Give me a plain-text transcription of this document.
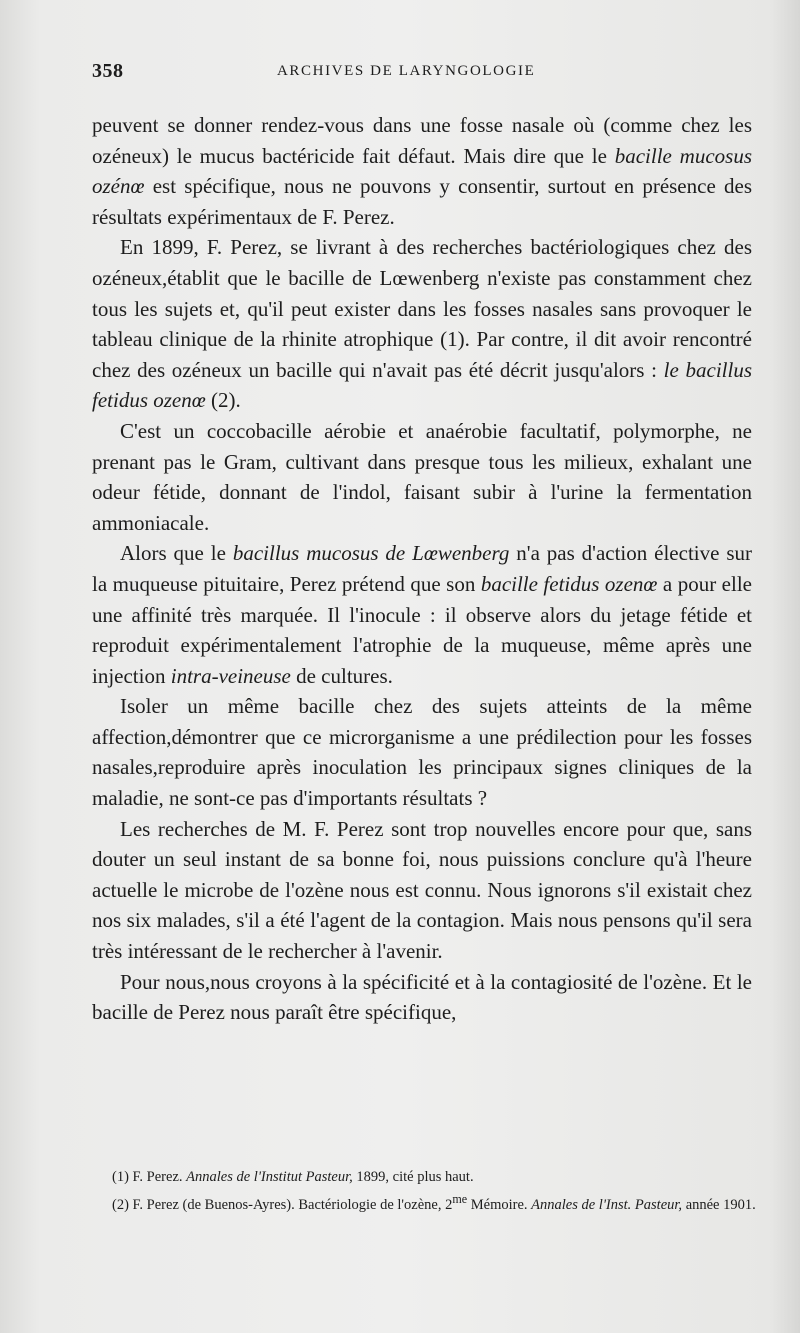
358	ARCHIVES DE LARYNGOLOGIE

peuvent se donner rendez-vous dans une fosse nasale où (comme chez les ozéneux) le mucus bactéricide fait défaut. Mais dire que le bacille mucosus ozénœ est spécifique, nous ne pouvons y consentir, surtout en présence des résultats expérimentaux de F. Perez.

En 1899, F. Perez, se livrant à des recherches bactériologiques chez des ozéneux,établit que le bacille de Lœwenberg n'existe pas constamment chez tous les sujets et, qu'il peut exister dans les fosses nasales sans provoquer le tableau clinique de la rhinite atrophique (1). Par contre, il dit avoir rencontré chez des ozéneux un bacille qui n'avait pas été décrit jusqu'alors : le bacillus fetidus ozenœ (2).

C'est un coccobacille aérobie et anaérobie facultatif, polymorphe, ne prenant pas le Gram, cultivant dans presque tous les milieux, exhalant une odeur fétide, donnant de l'indol, faisant subir à l'urine la fermentation ammoniacale.

Alors que le bacillus mucosus de Lœwenberg n'a pas d'action élective sur la muqueuse pituitaire, Perez prétend que son bacille fetidus ozenœ a pour elle une affinité très marquée. Il l'inocule : il observe alors du jetage fétide et reproduit expérimentalement l'atrophie de la muqueuse, même après une injection intra-veineuse de cultures.

Isoler un même bacille chez des sujets atteints de la même affection,démontrer que ce microrganisme a une prédilection pour les fosses nasales,reproduire après inoculation les principaux signes cliniques de la maladie, ne sont-ce pas d'importants résultats ?

Les recherches de M. F. Perez sont trop nouvelles encore pour que, sans douter un seul instant de sa bonne foi, nous puissions conclure qu'à l'heure actuelle le microbe de l'ozène nous est connu. Nous ignorons s'il existait chez nos six malades, s'il a été l'agent de la contagion. Mais nous pensons qu'il sera très intéressant de le rechercher à l'avenir.

Pour nous,nous croyons à la spécificité et à la contagiosité de l'ozène. Et le bacille de Perez nous paraît être spécifique,

(1) F. Perez. Annales de l'Institut Pasteur, 1899, cité plus haut.

(2) F. Perez (de Buenos-Ayres). Bactériologie de l'ozène, $2^{me}$ Mémoire. Annales de l'Inst. Pasteur, année 1901.
